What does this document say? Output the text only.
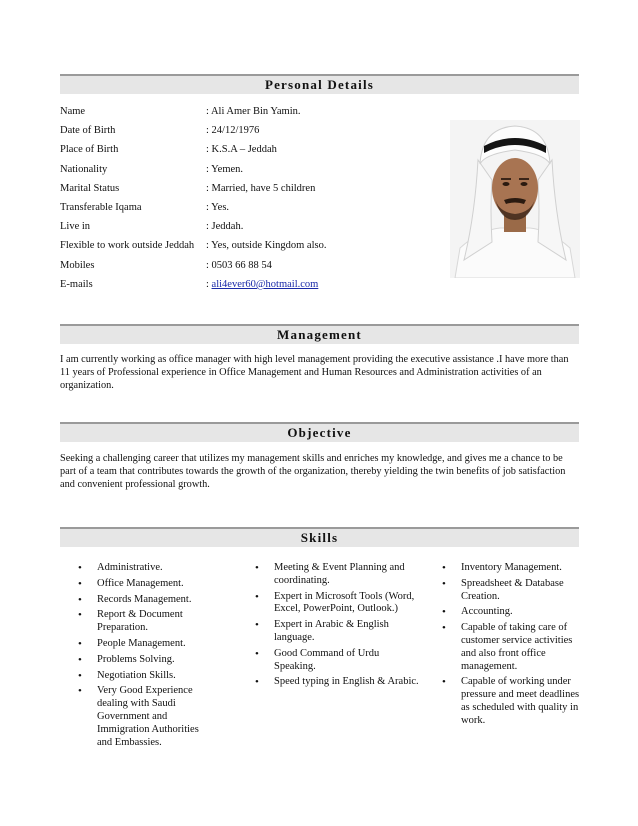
Personal Details
Name	: Ali Amer Bin Yamin.
Date of Birth	: 24/12/1976
Place of Birth	: K.S.A – Jeddah
Nationality	: Yemen.
Marital Status	: Married, have 5 children
Transferable Iqama	: Yes.
Live in	: Jeddah.
Flexible to work outside Jeddah : Yes, outside Kingdom also.
Mobiles	: 0503 66 88 54
E-mails	: ali4ever60@hotmail.com
Management

I am currently working as office manager with high level management providing the executive assistance .I have more than 11 years of Professional experience in Office Management and Human Resources and Administration activities of an organization.

Objective

Seeking a challenging career that utilizes my management skills and enriches my knowledge, and gives me a chance to be part of a team that contributes towards the growth of the organization, thereby yielding the twin benefits of job satisfaction and convenient professional growth.

Skills
• Administrative.
• Office Management.
• Records Management.
• Report & Document Preparation.
• People Management.
• Problems Solving.
• Negotiation Skills.
• Very Good Experience dealing with Saudi Government and Immigration Authorities and Embassies.
• Meeting & Event Planning and coordinating.
• Expert in Microsoft Tools (Word, Excel, PowerPoint, Outlook.)
• Expert in Arabic & English language.
• Good Command of Urdu Speaking.
• Speed typing in English & Arabic.
• Inventory Management.
• Spreadsheet & Database Creation.
• Accounting.
• Capable of taking care of customer service activities and also front office management.
• Capable of working under pressure and meet deadlines as scheduled with quality in work.
